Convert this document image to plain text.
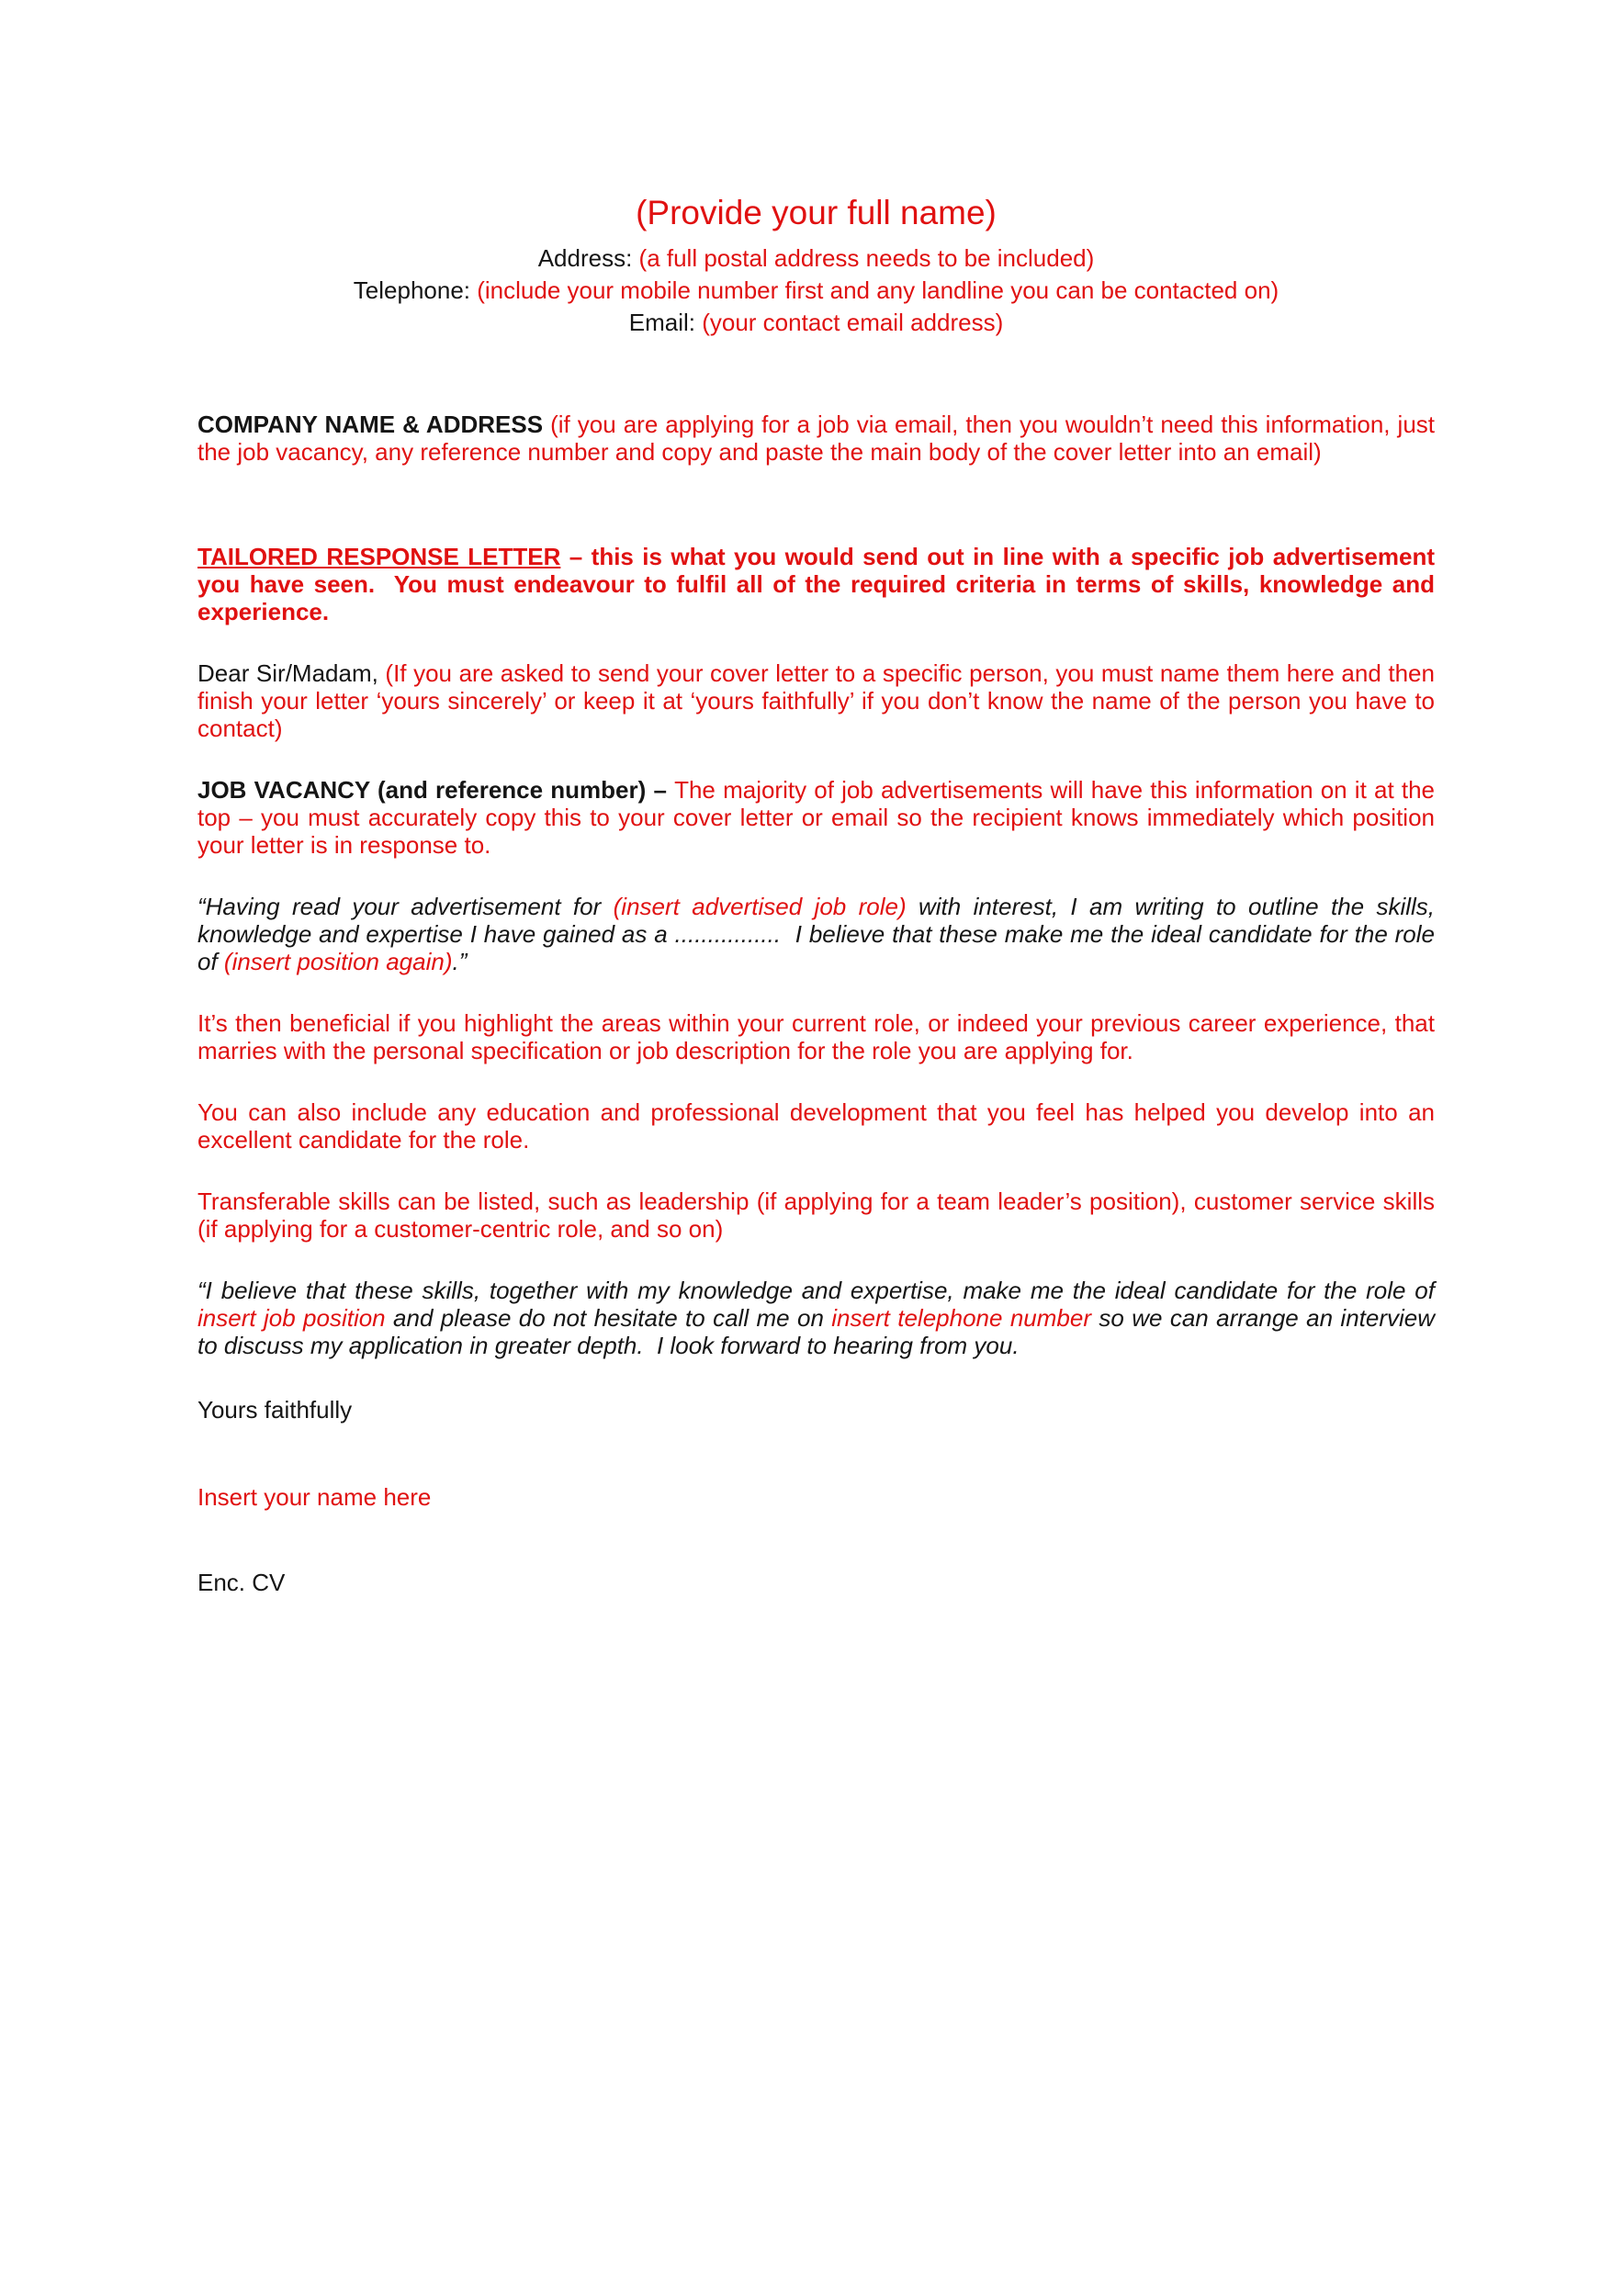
(Provide your full name)

Address: (a full postal address needs to be included)

Telephone: (include your mobile number first and any landline you can be contacted on)

Email: (your contact email address)

COMPANY NAME & ADDRESS (if you are applying for a job via email, then you wouldn’t need this information, just the job vacancy, any reference number and copy and paste the main body of the cover letter into an email)

TAILORED RESPONSE LETTER – this is what you would send out in line with a specific job advertisement you have seen.  You must endeavour to fulfil all of the required criteria in terms of skills, knowledge and experience.

Dear Sir/Madam, (If you are asked to send your cover letter to a specific person, you must name them here and then finish your letter ‘yours sincerely’ or keep it at ‘yours faithfully’ if you don’t know the name of the person you have to contact)

JOB VACANCY (and reference number) – The majority of job advertisements will have this information on it at the top – you must accurately copy this to your cover letter or email so the recipient knows immediately which position your letter is in response to.

“Having read your advertisement for (insert advertised job role) with interest, I am writing to outline the skills, knowledge and expertise I have gained as a ................  I believe that these make me the ideal candidate for the role of (insert position again).”

It’s then beneficial if you highlight the areas within your current role, or indeed your previous career experience, that marries with the personal specification or job description for the role you are applying for.

You can also include any education and professional development that you feel has helped you develop into an excellent candidate for the role.

Transferable skills can be listed, such as leadership (if applying for a team leader’s position), customer service skills (if applying for a customer-centric role, and so on)

“I believe that these skills, together with my knowledge and expertise, make me the ideal candidate for the role of insert job position and please do not hesitate to call me on insert telephone number so we can arrange an interview to discuss my application in greater depth.  I look forward to hearing from you.

Yours faithfully

Insert your name here

Enc. CV
